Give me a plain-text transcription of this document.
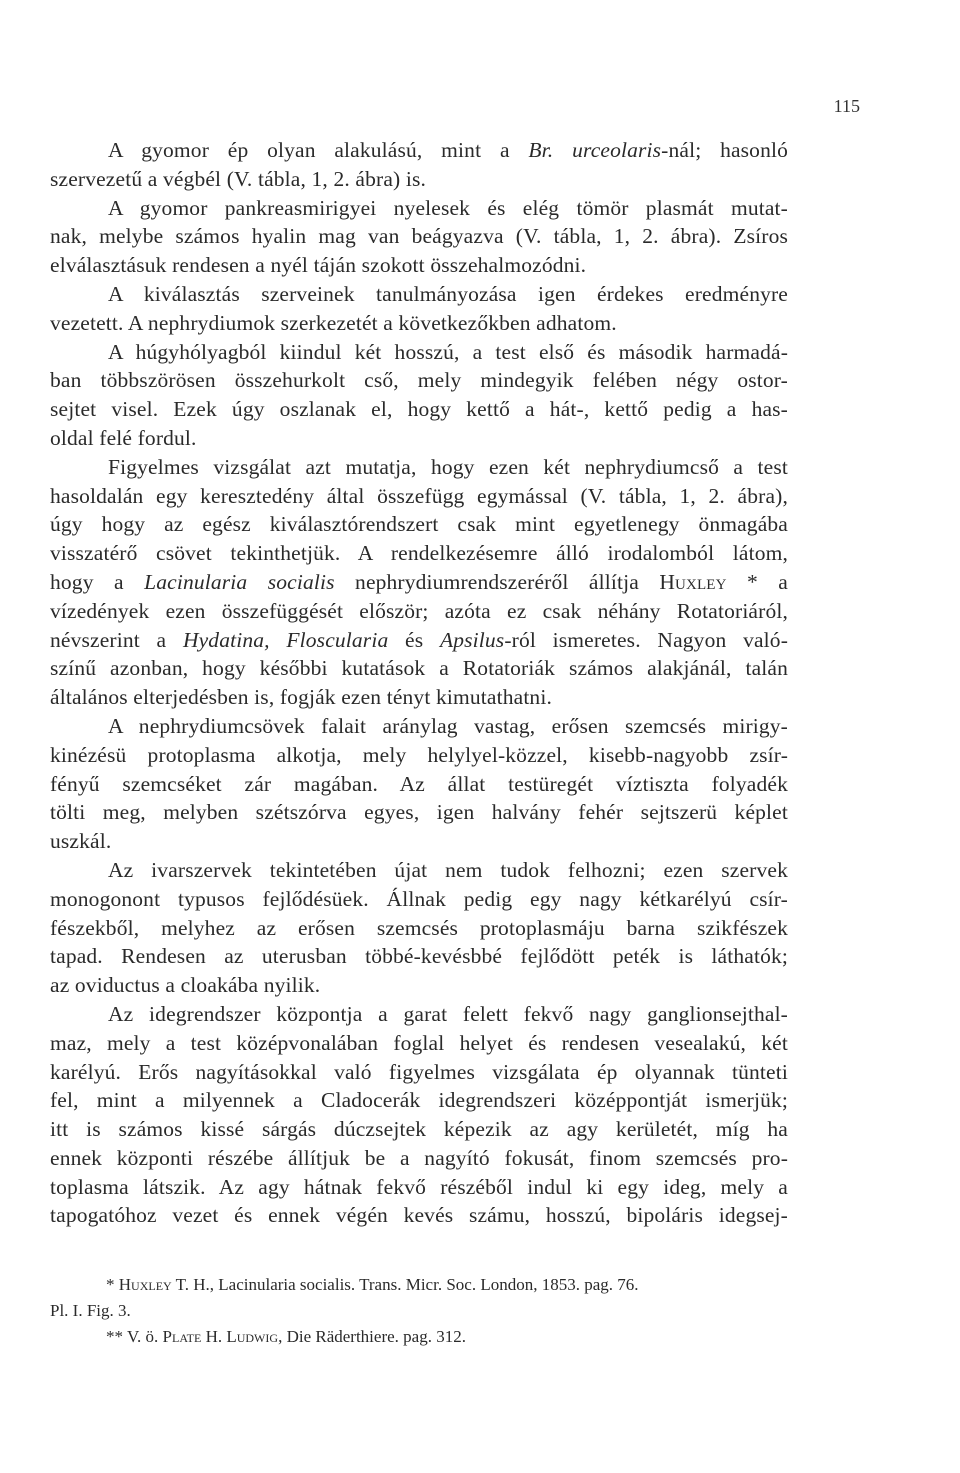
115
A gyomor ép olyan alakulású, mint a Br. urceolaris-nál; hasonló
szervezetű a végbél (V. tábla, 1, 2. ábra) is.
A gyomor pankreasmirigyei nyelesek és elég tömör plasmát mutat-
nak, melybe számos hyalin mag van beágyazva (V. tábla, 1, 2. ábra). Zsíros
elválasztásuk rendesen a nyél táján szokott összehalmozódni.
A kiválasztás szerveinek tanulmányozása igen érdekes eredményre
vezetett. A nephrydiumok szerkezetét a következőkben adhatom.
A húgyhólyagból kiindul két hosszú, a test első és második harmadá-
ban többszörösen összehurkolt cső, mely mindegyik felében négy ostor-
sejtet visel. Ezek úgy oszlanak el, hogy kettő a hát-, kettő pedig a has-
oldal felé fordul.
Figyelmes vizsgálat azt mutatja, hogy ezen két nephrydiumcső a test
hasoldalán egy keresztedény által összefügg egymással (V. tábla, 1, 2. ábra),
úgy hogy az egész kiválasztórendszert csak mint egyetlenegy önmagába
visszatérő csövet tekinthetjük. A rendelkezésemre álló irodalomból látom,
hogy a Lacinularia socialis nephrydiumrendszeréről állítja Huxley * a
vízedények ezen összefüggését először; azóta ez csak néhány Rotatoriáról,
névszerint a Hydatina, Floscularia és Apsilus-ról ismeretes. Nagyon való-
színű azonban, hogy későbbi kutatások a Rotatoriák számos alakjánál, talán
általános elterjedésben is, fogják ezen tényt kimutathatni.
A nephrydiumcsövek falait aránylag vastag, erősen szemcsés mirigy-
kinézésü protoplasma alkotja, mely helylyel-közzel, kisebb-nagyobb zsír-
fényű szemcséket zár magában. Az állat testüregét víztiszta folyadék
tölti meg, melyben szétszórva egyes, igen halvány fehér sejtszerü képlet
uszkál.
Az ivarszervek tekintetében újat nem tudok felhozni; ezen szervek
monogonont typusos fejlődésüek. Állnak pedig egy nagy kétkarélyú csír-
fészekből, melyhez az erősen szemcsés protoplasmáju barna szikfészek
tapad. Rendesen az uterusban többé-kevésbbé fejlődött peték is láthatók;
az oviductus a cloakába nyilik.
Az idegrendszer központja a garat felett fekvő nagy ganglionsejthal-
maz, mely a test középvonalában foglal helyet és rendesen vesealakú, két
karélyú. Erős nagyításokkal való figyelmes vizsgálata ép olyannak tünteti
fel, mint a milyennek a Cladocerák idegrendszeri középpontját ismerjük;
itt is számos kissé sárgás dúczsejtek képezik az agy kerületét, míg ha
ennek központi részébe állítjuk be a nagyító fokusát, finom szemcsés pro-
toplasma látszik. Az agy hátnak fekvő részéből indul ki egy ideg, mely a
tapogatóhoz vezet és ennek végén kevés számu, hosszú, bipoláris idegsej-
* Huxley T. H., Lacinularia socialis. Trans. Micr. Soc. London, 1853. pag. 76.
Pl. I. Fig. 3.
** V. ö. Plate H. Ludwig, Die Räderthiere. pag. 312.
